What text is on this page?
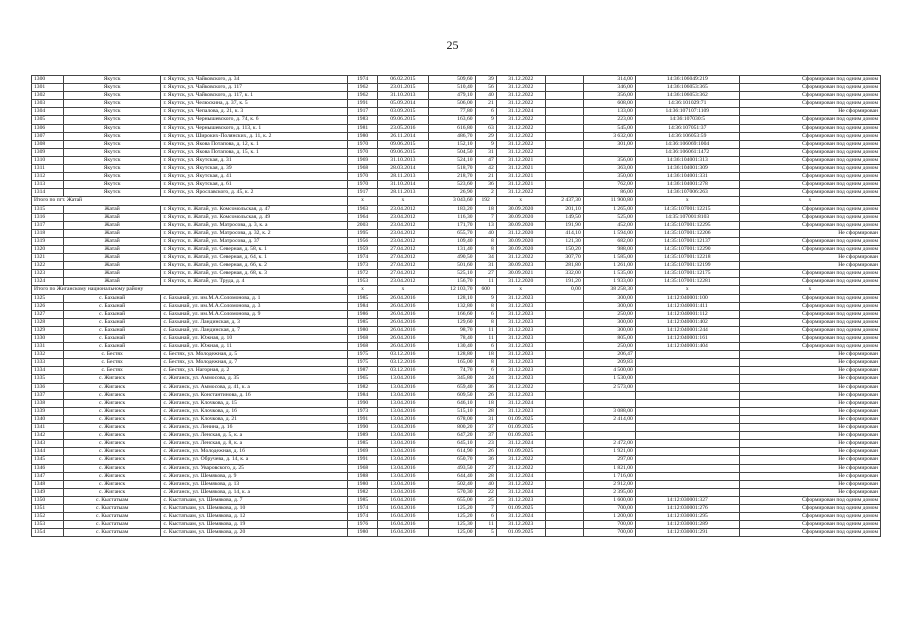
25
1300	Якутск	г. Якутск, ул. Чайковского, д. 34	1974	06.02.2015	509,60	39	31.12.2022		314,00	14:36:106049:219	Сформирован под одним домом
1301	Якутск	г. Якутск, ул. Чайковского, д. 117	1962	23.01.2015	510,40	56	31.12.2022		346,00	14:36:106053:365	Сформирован под одним домом
1302	Якутск	г. Якутск, ул. Чайковского, д. 117, к. 1	1962	31.10.2013	479,10	40	31.12.2022		356,00	14:36:106053:362	Сформирован под одним домом
1303	Якутск	г. Якутск, ул. Челюскина, д. 37, к. 5	1991	05.09.2014	506,00	21	31.12.2022		608,00	14:36:101029:71	Сформирован под одним домом
1304	Якутск	г. Якутск, ул. Чепалова, д. 21, к. 3	1917	03.09.2015	77,80	6	31.12.2024		133,00	14:36:107107:1109	Не сформирован
1305	Якутск	г. Якутск, ул. Чернышевского, д. 74, к. 6	1983	09.06.2015	163,60	9	31.12.2022		223,00	14:36:107030:5	Сформирован под одним домом
1306	Якутск	г. Якутск, ул. Чернышевского, д. 113, к. 1	1981	23.05.2016	616,80	63	31.12.2022		545,00	14:36:107051:37	Сформирован под одним домом
1307	Якутск	г. Якутск, ул. Широких-Полянских, д. 11, к. 2	1980	26.11.2014	486,70	29	31.12.2022		3 632,00	14:36:106053:59	Сформирован под одним домом
1308	Якутск	г. Якутск, ул. Якова Потапова, д. 12, к. 1	1970	09.06.2015	152,10	9	31.12.2022		301,00	14:36:106069:1004	Сформирован под одним домом
1309	Якутск	г. Якутск, ул. Якова Потапова, д. 15, к. 1	1970	09.06.2015	504,50	31	31.12.2022			14:36:106061:1472	Сформирован под одним домом
1310	Якутск	г. Якутск, ул. Якутская, д. 31	1969	31.10.2013	524,10	47	31.12.2021		356,00	14:36:104001:313	Сформирован под одним домом
1311	Якутск	г. Якутск, ул. Якутская, д. 39	1968	28.03.2014	518,70	42	31.12.2021		363,00	14:36:104001:309	Сформирован под одним домом
1312	Якутск	г. Якутск, ул. Якутская, д. 41	1970	28.11.2013	218,70	21	31.12.2021		350,00	14:36:104001:331	Сформирован под одним домом
1313	Якутск	г. Якутск, ул. Якутская, д. 61	1970	31.10.2014	523,60	36	31.12.2021		762,00	14:36:104001:278	Сформирован под одним домом
1314	Якутск	г. Якутск, ул. Ярославского, д. 45, к. 2	1917	28.11.2013	26,90	2	31.12.2022		86,00	14:36:107006:263	Сформирован под одним домом
Итого по пгт. Жатай			x	x	3 043,60	192	x	2 437,30	11 900,80	x	x
1315	Жатай	г. Якутск, п. Жатай, ул. Комсомольская, д. 47	1963	23.04.2012	183,20	18	30.09.2020	201,10	1 265,00	14:35:107001:12215	Сформирован под одним домом
1316	Жатай	г. Якутск, п. Жатай, ул. Комсомольская, д. 49	1964	23.04.2012	116,30	7	30.09.2020	149,50	525,00	14:35:107001:8103	Сформирован под одним домом
1317	Жатай	г. Якутск, п. Жатай, ул. Матросова, д. 3, к. а	2003	23.04.2012	171,70	13	30.09.2020	191,90	452,00	14:35:107001:12295	Сформирован под одним домом
1318	Жатай	г. Якутск, п. Жатай, ул. Матросова, д. 32, к. 2	1995	23.04.2012	655,70	40	31.12.2020	414,10	1 594,00	14:35:107001:12206	Не сформирован
1319	Жатай	г. Якутск, п. Жатай, ул. Матросова, д. 37	1956	23.04.2012	109,40	8	30.09.2020	121,30	682,00	14:35:107001:12137	Сформирован под одним домом
1320	Жатай	г. Якутск, п. Жатай, ул. Северная, д. 58, к. 1	1959	27.04.2012	131,40	8	30.09.2020	150,20	988,00	14:35:107001:12290	Сформирован под одним домом
1321	Жатай	г. Якутск, п. Жатай, ул. Северная, д. 64, к. 1	1974	27.04.2012	490,50	34	31.12.2022	307,70	1 585,00	14:35:107001:12218	Не сформирован
1322	Жатай	г. Якутск, п. Жатай, ул. Северная, д. 66, к. 2	1973	27.04.2012	501,60	31	30.09.2023	281,80	1 261,00	14:35:107001:12199	Не сформирован
1323	Жатай	г. Якутск, п. Жатай, ул. Северная, д. 68, к. 3	1972	27.04.2012	525,10	27	30.09.2021	332,00	1 535,00	14:35:107001:12175	Сформирован под одним домом
1324	Жатай	г. Якутск, п. Жатай, ул. Труда, д. 4	1953	23.04.2012	156,70	11	31.12.2020	191,20	1 933,00	14:35:107001:12281	Сформирован под одним домом
Итого по Жиганскому национальному району			x	x	12 103,70	600	x	0,00	38 258,30	x	x
1325	с. Бахынай	с. Бахынай, ул. им.М.А.Соломонова, д. 1	1985	26.04.2016	128,10	9	31.12.2023		300,00	14:12:040001:100	Сформирован под одним домом
1326	с. Бахынай	с. Бахынай, ул. им.М.А.Соломонова, д. 3	1984	26.04.2016	132,80	8	31.12.2023		300,00	14:12:040001:411	Сформирован под одним домом
1327	с. Бахынай	с. Бахынай, ул. им.М.А.Соломонова, д. 9	1986	26.04.2016	166,60	6	31.12.2023		250,00	14:12:040001:112	Сформирован под одним домом
1328	с. Бахынай	с. Бахынай, ул. Ландинская, д. 3	1985	26.04.2016	129,60	8	31.12.2023		300,00	14:12:040001:402	Сформирован под одним домом
1329	с. Бахынай	с. Бахынай, ул. Ландинская, д. 7	1980	26.04.2016	98,70	11	31.12.2023		300,00	14:12:040001:244	Сформирован под одним домом
1330	с. Бахынай	с. Бахынай, ул. Южная, д. 10	1968	26.04.2016	78,40	11	31.12.2023		805,00	14:12:040001:161	Сформирован под одним домом
1331	с. Бахынай	с. Бахынай, ул. Южная, д. 11	1968	26.04.2016	130,40	6	31.12.2023		250,00	14:12:040001:404	Сформирован под одним домом
1332	с. Бестях	с. Бестях, ул. Молодежная, д. 5	1975	03.12.2016	128,80	18	31.12.2023		206,47		Не сформирован
1333	с. Бестях	с. Бестях, ул. Молодежная, д. 7	1975	03.12.2016	165,00	8	31.12.2023		209,83		Не сформирован
1334	с. Бестях	с. Бестях, ул. Нагорная, д. 2	1987	03.12.2016	74,70	6	31.12.2023		4 500,00		Не сформирован
1335	с. Жиганск	с. Жиганск, ул. Аммосова, д. 35	1965	13.04.2016	345,80	24	31.12.2023		1 530,00		Не сформирован
1336	с. Жиганск	с. Жиганск, ул. Аммосова, д. 41, к. а	1982	13.04.2016	659,40	36	31.12.2022		2 573,00		Не сформирован
1337	с. Жиганск	с. Жиганск, ул. Константинова, д. 16	1984	13.04.2016	609,50	26	31.12.2023				Не сформирован
1338	с. Жиганск	с. Жиганск, ул. Клочкова, д. 15	1990	13.04.2016	646,10	18	31.12.2024				Не сформирован
1339	с. Жиганск	с. Жиганск, ул. Клочкова, д. 16	1973	13.04.2016	515,10	28	31.12.2023		3 088,00		Не сформирован
1340	с. Жиганск	с. Жиганск, ул. Клочкова, д. 21	1991	13.04.2016	678,00	31	01.09.2025		2 414,00		Не сформирован
1341	с. Жиганск	с. Жиганск, ул. Ленина, д. 16	1990	13.04.2016	800,20	37	01.09.2025				Не сформирован
1342	с. Жиганск	с. Жиганск, ул. Ленская, д. 5, к. а	1989	13.04.2016	647,20	37	01.09.2025				Не сформирован
1343	с. Жиганск	с. Жиганск, ул. Ленская, д. 8, к. а	1985	13.04.2016	645,10	23	31.12.2024		2 472,00		Не сформирован
1344	с. Жиганск	с. Жиганск, ул. Молодежная, д. 16	1969	13.04.2016	614,90	26	01.09.2025		1 921,00		Не сформирован
1345	с. Жиганск	с. Жиганск, ул. Обручева, д. 14, к. а	1991	13.04.2016	650,70	36	31.12.2022		297,00		Не сформирован
1346	с. Жиганск	с. Жиганск, ул. Уваровского, д. 25	1968	13.04.2016	493,50	27	31.12.2022		1 821,00		Не сформирован
1347	с. Жиганск	с. Жиганск, ул. Шемякова, д. 9	1988	13.04.2016	644,40	28	31.12.2024		1 716,00		Не сформирован
1348	с. Жиганск	с. Жиганск, ул. Шемякова, д. 13	1980	13.04.2016	502,40	40	31.12.2022		2 912,00		Не сформирован
1349	с. Жиганск	с. Жиганск, ул. Шемякова, д. 14, к. а	1982	13.04.2016	570,30	22	31.12.2024		2 395,00		Не сформирован
1350	с. Кыстатыам	с. Кыстатыам, ул. Шемякова, д. 7	1985	16.04.2016	655,00	25	31.12.2023		1 600,00	14:12:030001:327	Сформирован под одним домом
1351	с. Кыстатыам	с. Кыстатыам, ул. Шемякова, д. 10	1974	16.04.2016	125,20	7	01.09.2025		700,00	14:12:030001:276	Сформирован под одним домом
1352	с. Кыстатыам	с. Кыстатыам, ул. Шемякова, д. 12	1974	16.04.2016	125,20	6	31.12.2024		1 200,00	14:12:030001:295	Сформирован под одним домом
1353	с. Кыстатыам	с. Кыстатыам, ул. Шемякова, д. 19	1976	16.04.2016	125,30	11	31.12.2023		700,00	14:12:030001:289	Сформирован под одним домом
1354	с. Кыстатыам	с. Кыстатыам, ул. Шемякова, д. 20	1980	16.04.2016	125,00	5	01.09.2025		700,00	14:12:030001:291	Сформирован под одним домом
